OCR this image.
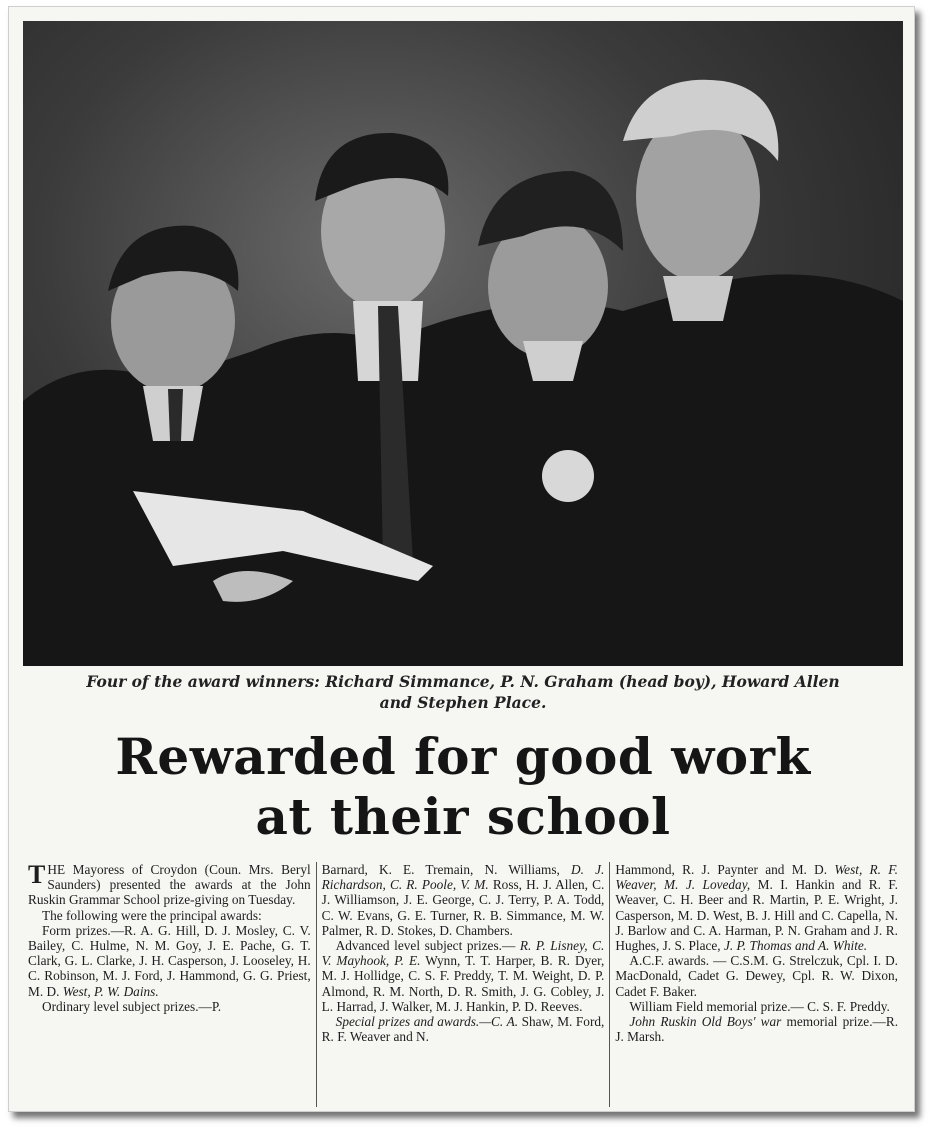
Four of the award winners: Richard Simmance, P. N. Graham (head boy), Howard Allen
and Stephen Place.
Rewarded for good work
at their school

THE Mayoress of Croydon (Coun. Mrs. Beryl Saunders) presented the awards at the John Ruskin Grammar School prize-giving on Tuesday.

The following were the principal awards:

Form prizes.—R. A. G. Hill, D. J. Mosley, C. V. Bailey, C. Hulme, N. M. Goy, J. E. Pache, G. T. Clark, G. L. Clarke, J. H. Casperson, J. Looseley, H. C. Robinson, M. J. Ford, J. Hammond, G. G. Priest, M. D. West, P. W. Dains.

Ordinary level subject prizes.—P.

Barnard, K. E. Tremain, N. Williams, D. J. Richardson, C. R. Poole, V. M. Ross, H. J. Allen, C. J. Williamson, J. E. George, C. J. Terry, P. A. Todd, C. W. Evans, G. E. Turner, R. B. Simmance, M. W. Palmer, R. D. Stokes, D. Chambers.

Advanced level subject prizes.— R. P. Lisney, C. V. Mayhook, P. E. Wynn, T. T. Harper, B. R. Dyer, M. J. Hollidge, C. S. F. Preddy, T. M. Weight, D. P. Almond, R. M. North, D. R. Smith, J. G. Cobley, J. L. Harrad, J. Walker, M. J. Hankin, P. D. Reeves.

Special prizes and awards.—C. A. Shaw, M. Ford, R. F. Weaver and N.

Hammond, R. J. Paynter and M. D. West, R. F. Weaver, M. J. Loveday, M. I. Hankin and R. F. Weaver, C. H. Beer and R. Martin, P. E. Wright, J. Casperson, M. D. West, B. J. Hill and C. Capella, N. J. Barlow and C. A. Harman, P. N. Graham and J. R. Hughes, J. S. Place, J. P. Thomas and A. White.

A.C.F. awards. — C.S.M. G. Strelczuk, Cpl. I. D. MacDonald, Cadet G. Dewey, Cpl. R. W. Dixon, Cadet F. Baker.

William Field memorial prize.— C. S. F. Preddy.

John Ruskin Old Boys' war memorial prize.—R. J. Marsh.
